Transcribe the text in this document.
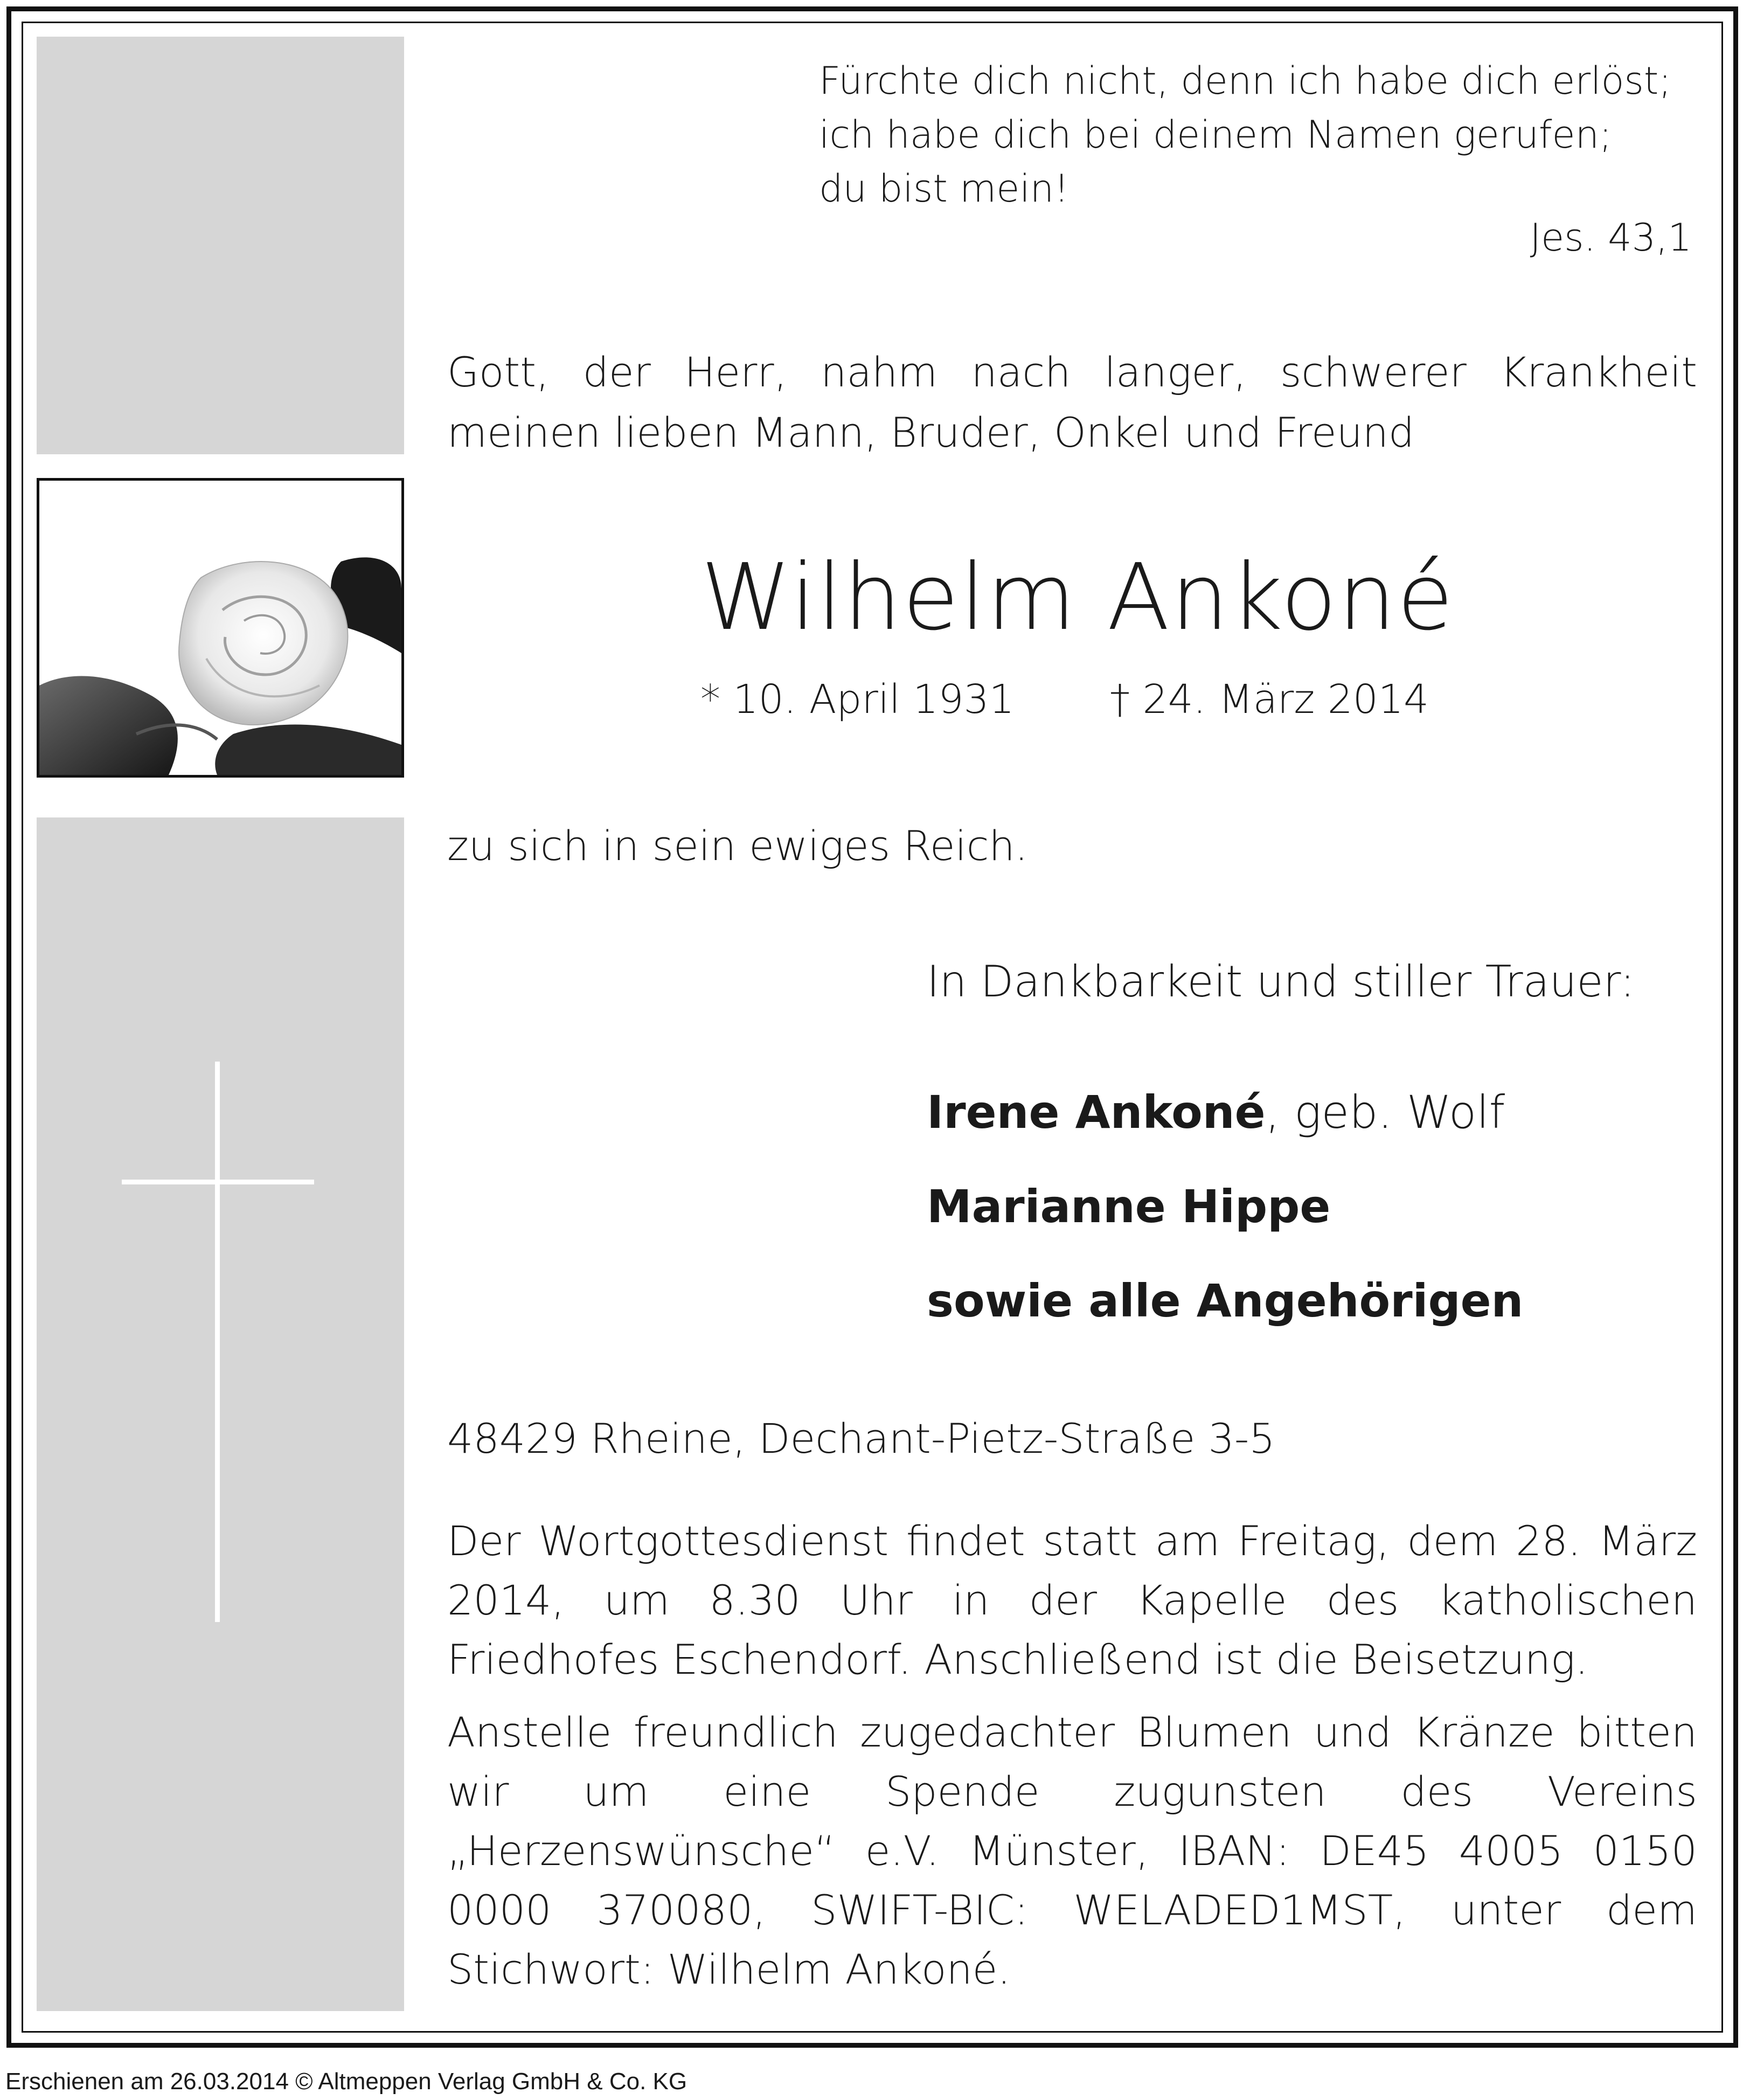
Fürchte dich nicht, denn ich habe dich erlöst;
ich habe dich bei deinem Namen gerufen;
du bist mein!
Jes. 43,1

Gott, der Herr, nahm nach langer, schwerer Krankheit meinen lieben Mann, Bruder, Onkel und Freund

Wilhelm Ankoné
* 10. April 1931 † 24. März 2014
zu sich in sein ewiges Reich.
In Dankbarkeit und stiller Trauer:
Irene Ankoné, geb. Wolf
Marianne Hippe
sowie alle Angehörigen
48429 Rheine, Dechant-Pietz-Straße 3-5

Der Wortgottesdienst findet statt am Freitag, dem 28. März 2014, um 8.30 Uhr in der Kapelle des katholischen Friedhofes Eschendorf. Anschließend ist die Beisetzung.

Anstelle freundlich zugedachter Blumen und Kränze bitten wir um eine Spende zugunsten des Vereins „Herzenswünsche“ e.V. Münster, IBAN: DE45 4005 0150 0000 370080, SWIFT-BIC: WELADED1MST, unter dem Stichwort: Wilhelm Ankoné.

Erschienen am 26.03.2014 © Altmeppen Verlag GmbH & Co. KG
